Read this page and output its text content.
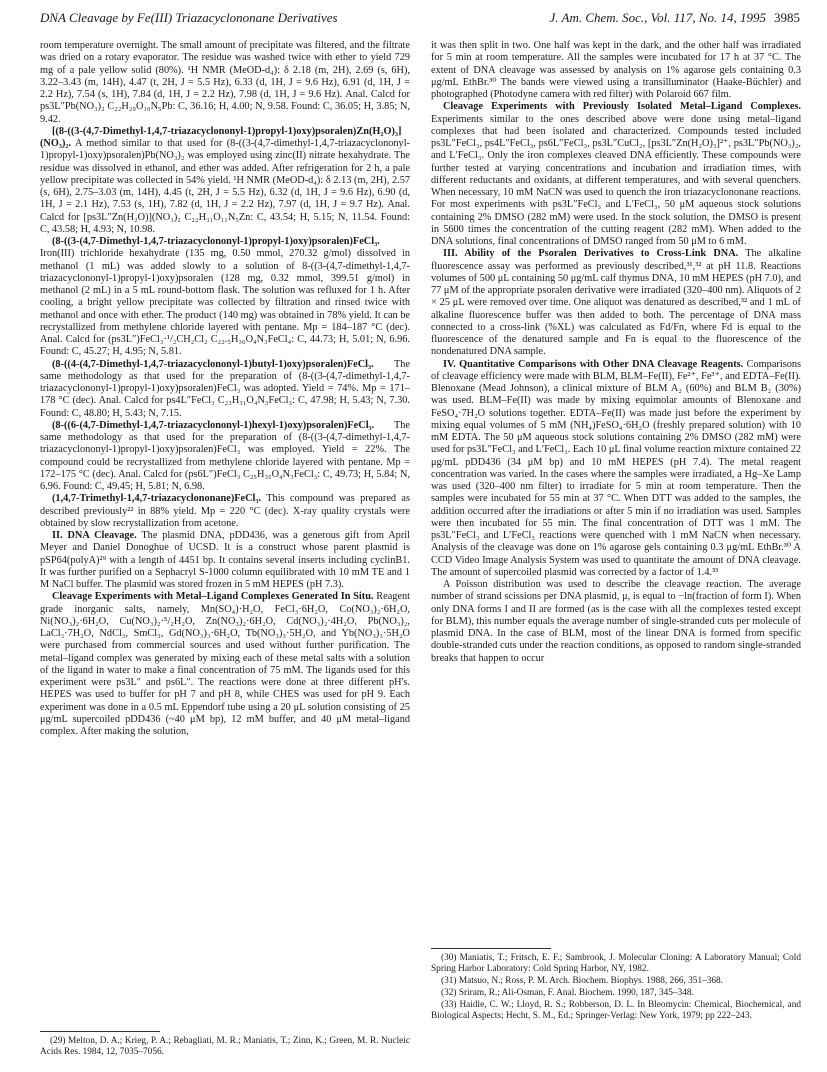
DNA Cleavage by Fe(III) Triazacyclononane Derivatives	J. Am. Chem. Soc., Vol. 117, No. 14, 1995 3985

room temperature overnight. The small amount of precipitate was filtered, and the filtrate was dried on a rotary evaporator. The residue was washed twice with ether to yield 729 mg of a pale yellow solid (80%). ¹H NMR (MeOD-d₄): δ 2.18 (m, 2H), 2.69 (s, 6H), 3.22–3.43 (m, 14H), 4.47 (t, 2H, J = 5.5 Hz), 6.33 (d, 1H, J = 9.6 Hz), 6.91 (d, 1H, J = 2.2 Hz), 7.54 (s, 1H), 7.84 (d, 1H, J = 2.2 Hz), 7.98 (d, 1H, J = 9.6 Hz). Anal. Calcd for ps3L″Pb(NO₃)₂ C₂₂H₂₉O₁₀N₅Pb: C, 36.16; H, 4.00; N, 9.58. Found: C, 36.05; H, 3.85; N, 9.42.

[(8-((3-(4,7-Dimethyl-1,4,7-triazacyclononyl-1)propyl-1)oxy)psoralen)Zn(H₂O)₃](NO₃)₂. A method similar to that used for (8-((3-(4,7-dimethyl-1,4,7-triazacyclononyl-1)propyl-1)oxy)psoralen)Pb(NO₃)₂ was employed using zinc(II) nitrate hexahydrate. The residue was dissolved in ethanol, and ether was added. After refrigeration for 2 h, a pale yellow precipitate was collected in 54% yield. ¹H NMR (MeOD-d₄): δ 2.13 (m, 2H), 2.57 (s, 6H), 2.75–3.03 (m, 14H), 4.45 (t, 2H, J = 5.5 Hz), 6.32 (d, 1H, J = 9.6 Hz), 6.90 (d, 1H, J = 2.1 Hz), 7.53 (s, 1H), 7.82 (d, 1H, J = 2.2 Hz), 7.97 (d, 1H, J = 9.7 Hz). Anal. Calcd for [ps3L″Zn(H₂O)](NO₃)₂ C₂₂H₃₁O₁₁N₅Zn: C, 43.54; H, 5.15; N, 11.54. Found: C, 43.58; H, 4.93; N, 10.98.

(8-((3-(4,7-Dimethyl-1,4,7-triazacyclononyl-1)propyl-1)oxy)psoralen)FeCl₃. Iron(III) trichloride hexahydrate (135 mg, 0.50 mmol, 270.32 g/mol) dissolved in methanol (1 mL) was added slowly to a solution of 8-((3-(4,7-dimethyl-1,4,7-triazacyclononyl-1)propyl-1)oxy)psoralen (128 mg, 0.32 mmol, 399.51 g/mol) in methanol (2 mL) in a 5 mL round-bottom flask. The solution was refluxed for 1 h. After cooling, a bright yellow precipitate was collected by filtration and rinsed twice with methanol and once with ether. The product (140 mg) was obtained in 78% yield. It can be recrystallized from methylene chloride layered with pentane. Mp = 184–187 °C (dec). Anal. Calcd for (ps3L″)FeCl₃·¹/₂CH₂Cl₂ C₂₂.₅H₃₀O₄N₃FeCl₄: C, 44.73; H, 5.01; N, 6.96. Found: C, 45.27; H, 4.95; N, 5.81.

(8-((4-(4,7-Dimethyl-1,4,7-triazacyclononyl-1)butyl-1)oxy)psoralen)FeCl₃. The same methodology as that used for the preparation of (8-((3-(4,7-dimethyl-1,4,7-triazacyclononyl-1)propyl-1)oxy)psoralen)FeCl₃ was adopted. Yield = 74%. Mp = 171–178 °C (dec). Anal. Calcd for ps4L″FeCl₃ C₂₃H₃₁O₄N₃FeCl₃: C, 47.98; H, 5.43; N, 7.30. Found: C, 48.80; H, 5.43; N, 7.15.

(8-((6-(4,7-Dimethyl-1,4,7-triazacyclononyl-1)hexyl-1)oxy)psoralen)FeCl₃. The same methodology as that used for the preparation of (8-((3-(4,7-dimethyl-1,4,7-triazacyclononyl-1)propyl-1)oxy)psoralen)FeCl₃ was employed. Yield = 22%. The compound could be recrystallized from methylene chloride layered with pentane. Mp = 172–175 °C (dec). Anal. Calcd for (ps6L″)FeCl₃ C₂₅H₃₅O₄N₃FeCl₃: C, 49.73; H, 5.84; N, 6.96. Found: C, 49.45; H, 5.81; N, 6.98.

(1,4,7-Trimethyl-1,4,7-triazacyclononane)FeCl₃. This compound was prepared as described previously²² in 88% yield. Mp = 220 °C (dec). X-ray quality crystals were obtained by slow recrystallization from acetone.

II. DNA Cleavage. The plasmid DNA, pDD436, was a generous gift from April Meyer and Daniel Donoghue of UCSD. It is a construct whose parent plasmid is pSP64(polyA)²⁹ with a length of 4451 bp. It contains several inserts including cyclinB1. It was further purified on a Sephacryl S-1000 column equilibrated with 10 mM TE and 1 M NaCl buffer. The plasmid was stored frozen in 5 mM HEPES (pH 7.3).

Cleavage Experiments with Metal–Ligand Complexes Generated In Situ. Reagent grade inorganic salts, namely, Mn(SO₄)·H₂O, FeCl₃·6H₂O, Co(NO₃)₂·6H₂O, Ni(NO₃)₂·6H₂O, Cu(NO₃)₂·⁵/₂H₂O, Zn(NO₃)₂·6H₂O, Cd(NO₃)₂·4H₂O, Pb(NO₃)₂, LaCl₃·7H₂O, NdCl₃, SmCl₃, Gd(NO₃)₃·6H₂O, Tb(NO₃)₃·5H₂O, and Yb(NO₃)₃·5H₂O were purchased from commercial sources and used without further purification. The metal–ligand complex was generated by mixing each of these metal salts with a solution of the ligand in water to make a final concentration of 75 mM. The ligands used for this experiment were ps3L″ and ps6L″. The reactions were done at three different pH's. HEPES was used to buffer for pH 7 and pH 8, while CHES was used for pH 9. Each experiment was done in a 0.5 mL Eppendorf tube using a 20 μL solution consisting of 25 μg/mL supercoiled pDD436 (~40 μM bp), 12 mM buffer, and 40 μM metal–ligand complex. After making the solution,

it was then split in two. One half was kept in the dark, and the other half was irradiated for 5 min at room temperature. All the samples were incubated for 17 h at 37 °C. The extent of DNA cleavage was assessed by analysis on 1% agarose gels containing 0.3 μg/mL EthBr.³⁰ The bands were viewed using a transilluminator (Haake-Büchler) and photographed (Photodyne camera with red filter) with Polaroid 667 film.

Cleavage Experiments with Previously Isolated Metal–Ligand Complexes. Experiments similar to the ones described above were done using metal–ligand complexes that had been isolated and characterized. Compounds tested included ps3L″FeCl₃, ps4L″FeCl₃, ps6L″FeCl₃, ps3L″CuCl₂, [ps3L″Zn(H₂O)₃]²⁺, ps3L″Pb(NO₃)₂, and L′FeCl₃. Only the iron complexes cleaved DNA efficiently. These compounds were further tested at varying concentrations and incubation and irradiation times, with different reductants and oxidants, at different temperatures, and with several quenchers. When necessary, 10 mM NaCN was used to quench the iron triazacyclononane reactions. For most experiments with ps3L″FeCl₃ and L′FeCl₃, 50 μM aqueous stock solutions containing 2% DMSO (282 mM) were used. In the stock solution, the DMSO is present in 5600 times the concentration of the cutting reagent (282 mM). When added to the DNA solutions, final concentrations of DMSO ranged from 50 μM to 6 mM.

III. Ability of the Psoralen Derivatives to Cross-Link DNA. The alkaline fluorescence assay was performed as previously described,³¹,³² at pH 11.8. Reactions volumes of 500 μL containing 50 μg/mL calf thymus DNA, 10 mM HEPES (pH 7.0), and 77 μM of the appropriate psoralen derivative were irradiated (320–400 nm). Aliquots of 2 × 25 μL were removed over time. One aliquot was denatured as described,³² and 1 mL of alkaline fluorescence buffer was then added to both. The percentage of DNA mass connected to a cross-link (%XL) was calculated as Fd/Fn, where Fd is equal to the fluorescence of the denatured sample and Fn is equal to the fluorescence of the nondenatured DNA sample.

IV. Quantitative Comparisons with Other DNA Cleavage Reagents. Comparisons of cleavage efficiency were made with BLM, BLM–Fe(II), Fe²⁺, Fe³⁺, and EDTA–Fe(II). Blenoxane (Mead Johnson), a clinical mixture of BLM A₂ (60%) and BLM B₂ (30%) was used. BLM–Fe(II) was made by mixing equimolar amounts of Blenoxane and FeSO₄·7H₂O solutions together. EDTA–Fe(II) was made just before the experiment by mixing equal volumes of 5 mM (NH₄)FeSO₄·6H₂O (freshly prepared solution) with 10 mM EDTA. The 50 μM aqueous stock solutions containing 2% DMSO (282 mM) were used for ps3L″FeCl₃ and L′FeCl₃. Each 10 μL final volume reaction mixture contained 22 μg/mL pDD436 (34 μM bp) and 10 mM HEPES (pH 7.4). The metal reagent concentration was varied. In the cases where the samples were irradiated, a Hg–Xe Lamp was used (320–400 nm filter) to irradiate for 5 min at room temperature. Then the samples were incubated for 55 min at 37 °C. When DTT was added to the samples, the addition occurred after the irradiations or after 5 min if no irradiation was used. Samples were then incubated for 55 min. The final concentration of DTT was 1 mM. The ps3L″FeCl₃ and L′FeCl₃ reactions were quenched with 1 mM NaCN when necessary. Analysis of the cleavage was done on 1% agarose gels containing 0.3 μg/mL EthBr.³⁰ A CCD Video Image Analysis System was used to quantitate the amount of DNA cleavage. The amount of supercoiled plasmid was corrected by a factor of 1.4.³³

A Poisson distribution was used to describe the cleavage reaction. The average number of strand scissions per DNA plasmid, μ, is equal to −ln(fraction of form I). When only DNA forms I and II are formed (as is the case with all the complexes tested except for BLM), this number equals the average number of single-stranded cuts per molecule of plasmid DNA. In the case of BLM, most of the linear DNA is formed from specific double-stranded cuts under the reaction conditions, as opposed to random single-stranded breaks that happen to occur

(29) Melton, D. A.; Krieg, P. A.; Rebagliati, M. R.; Maniatis, T.; Zinn, K.; Green, M. R. Nucleic Acids Res. 1984, 12, 7035–7056.

(30) Maniatis, T.; Fritsch, E. F.; Sambrook, J. Molecular Cloning: A Laboratory Manual; Cold Spring Harbor Laboratory: Cold Spring Harbor, NY, 1982.

(31) Matsuo, N.; Ross, P. M. Arch. Biochem. Biophys. 1988, 266, 351–368.

(32) Sriram, R.; Ali-Osman, F. Anal. Biochem. 1990, 187, 345–348.

(33) Haidle, C. W.; Lloyd, R. S.; Robberson, D. L. In Bleomycin: Chemical, Biochemical, and Biological Aspects; Hecht, S. M., Ed.; Springer-Verlag: New York, 1979; pp 222–243.
